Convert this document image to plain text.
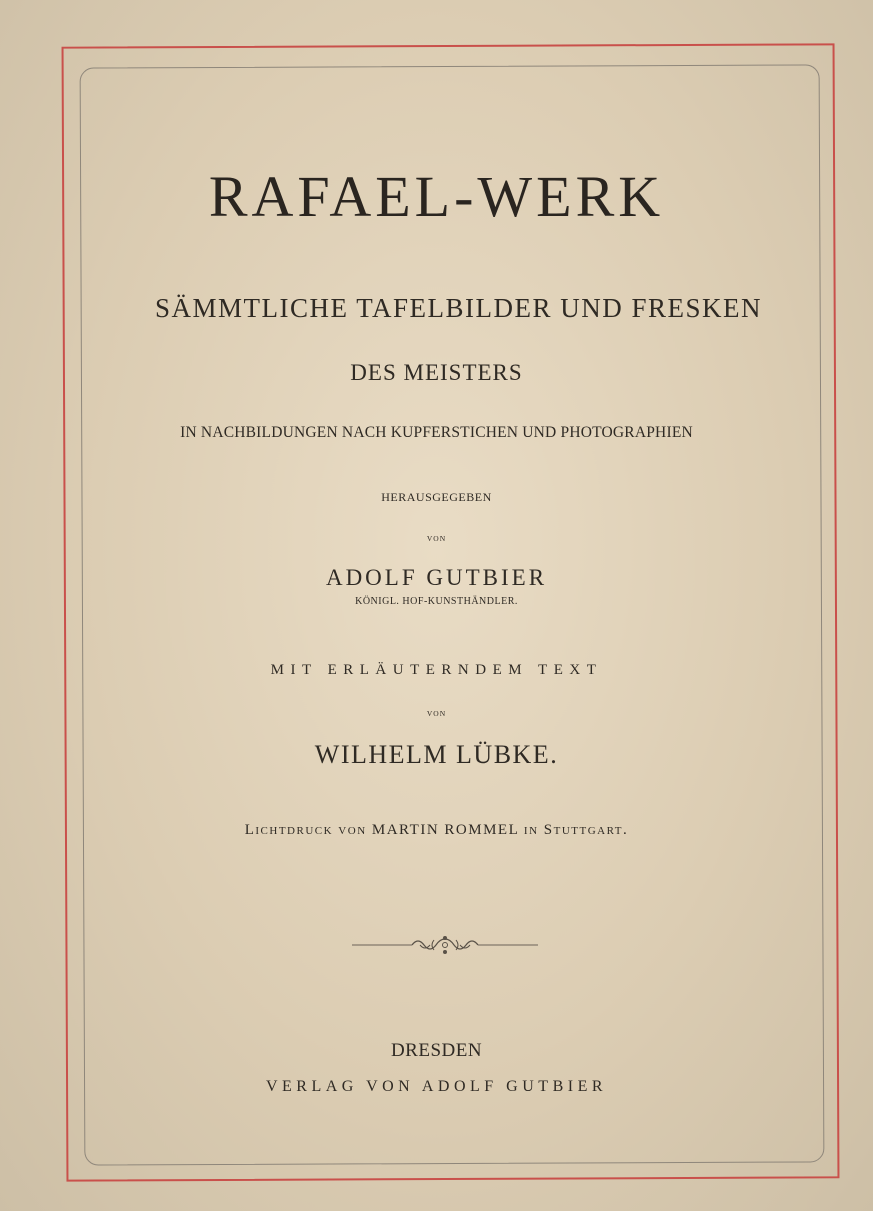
RAFAEL-WERK
SÄMMTLICHE TAFELBILDER UND FRESKEN
DES MEISTERS
IN NACHBILDUNGEN NACH KUPFERSTICHEN UND PHOTOGRAPHIEN
HERAUSGEGEBEN
VON
ADOLF GUTBIER
KÖNIGL. HOF-KUNSTHÄNDLER.
MIT ERLÄUTERNDEM TEXT
VON
WILHELM LÜBKE.
Lichtdruck von MARTIN ROMMEL in Stuttgart.
DRESDEN
VERLAG VON ADOLF GUTBIER
